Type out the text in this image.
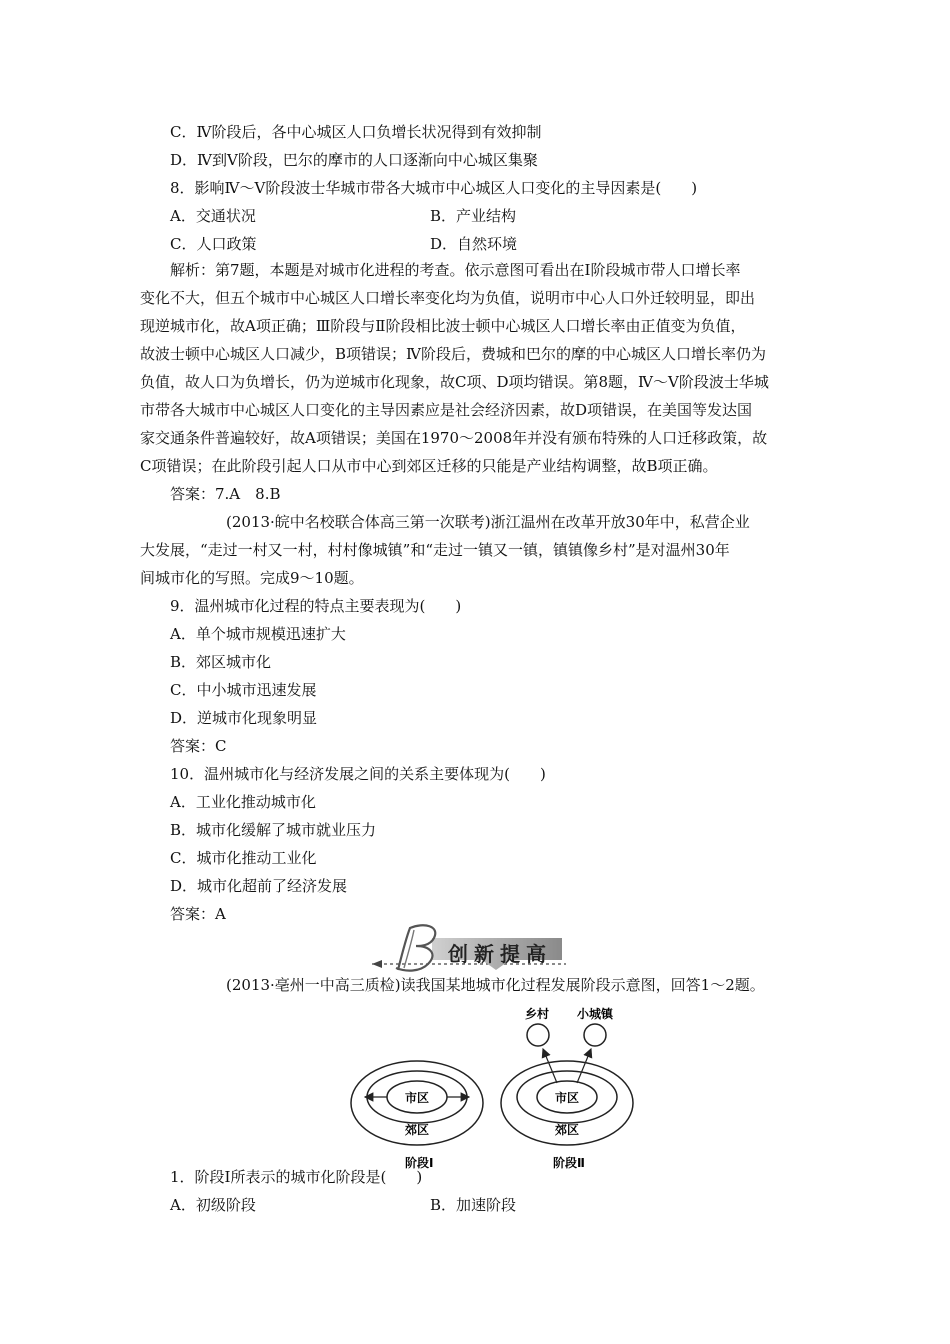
C．Ⅳ阶段后，各中心城区人口负增长状况得到有效抑制
D．Ⅳ到Ⅴ阶段，巴尔的摩市的人口逐渐向中心城区集聚
8．影响Ⅳ～Ⅴ阶段波士华城市带各大城市中心城区人口变化的主导因素是(　　)
A．交通状况	B．产业结构
C．人口政策	D．自然环境
解析：第7题，本题是对城市化进程的考查。依示意图可看出在Ⅰ阶段城市带人口增长率
变化不大，但五个城市中心城区人口增长率变化均为负值，说明市中心人口外迁较明显，即出
现逆城市化，故A项正确；Ⅲ阶段与Ⅱ阶段相比波士顿中心城区人口增长率由正值变为负值，
故波士顿中心城区人口减少，B项错误；Ⅳ阶段后，费城和巴尔的摩的中心城区人口增长率仍为
负值，故人口为负增长，仍为逆城市化现象，故C项、D项均错误。第8题，Ⅳ～Ⅴ阶段波士华城
市带各大城市中心城区人口变化的主导因素应是社会经济因素，故D项错误，在美国等发达国
家交通条件普遍较好，故A项错误；美国在1970～2008年并没有颁布特殊的人口迁移政策，故
C项错误；在此阶段引起人口从市中心到郊区迁移的只能是产业结构调整，故B项正确。
答案：7.A　8.B
(2013·皖中名校联合体高三第一次联考)浙江温州在改革开放30年中，私营企业
大发展，“走过一村又一村，村村像城镇”和“走过一镇又一镇，镇镇像乡村”是对温州30年
间城市化的写照。完成9～10题。
9．温州城市化过程的特点主要表现为(　　)
A．单个城市规模迅速扩大
B．郊区城市化
C．中小城市迅速发展
D．逆城市化现象明显
答案：C
10．温州城市化与经济发展之间的关系主要体现为(　　)
A．工业化推动城市化
B．城市化缓解了城市就业压力
C．城市化推动工业化
D．城市化超前了经济发展
答案：A
创新提高
(2013·亳州一中高三质检)读我国某地城市化过程发展阶段示意图，回答1～2题。
市区
郊区
阶段Ⅰ
乡村 小城镇
市区
郊区
阶段Ⅱ
1．阶段Ⅰ所表示的城市化阶段是(　　)
A．初级阶段	B．加速阶段
